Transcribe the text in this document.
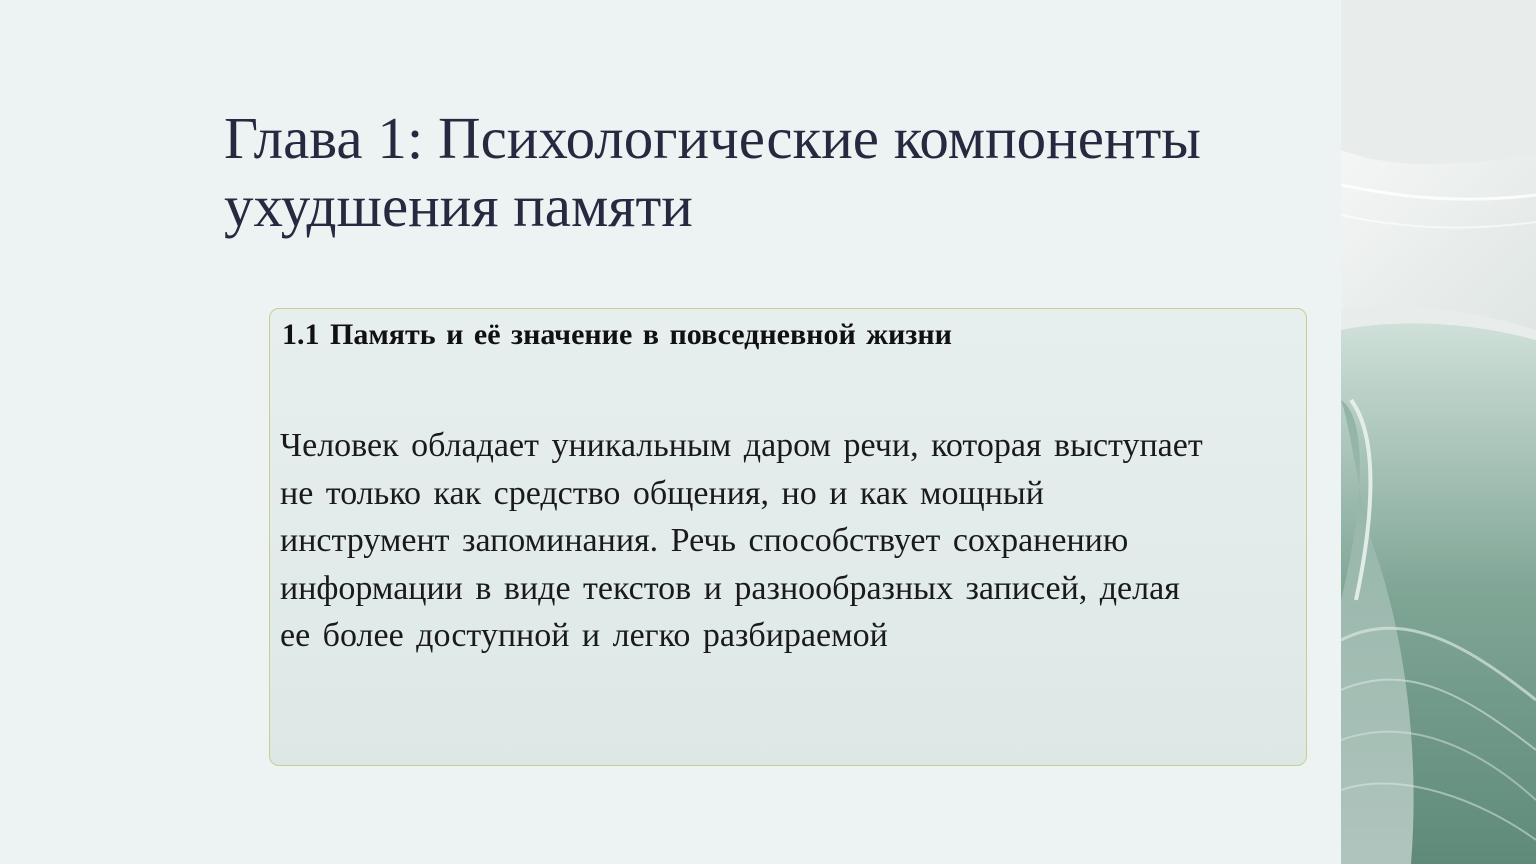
Глава 1: Психологические компоненты ухудшения памяти

1.1 Память и её значение в повседневной жизни

Человек обладает уникальным даром речи, которая выступает не только как средство общения, но и как мощный инструмент запоминания. Речь способствует сохранению информации в виде текстов и разнообразных записей, делая ее более доступной и легко разбираемой
